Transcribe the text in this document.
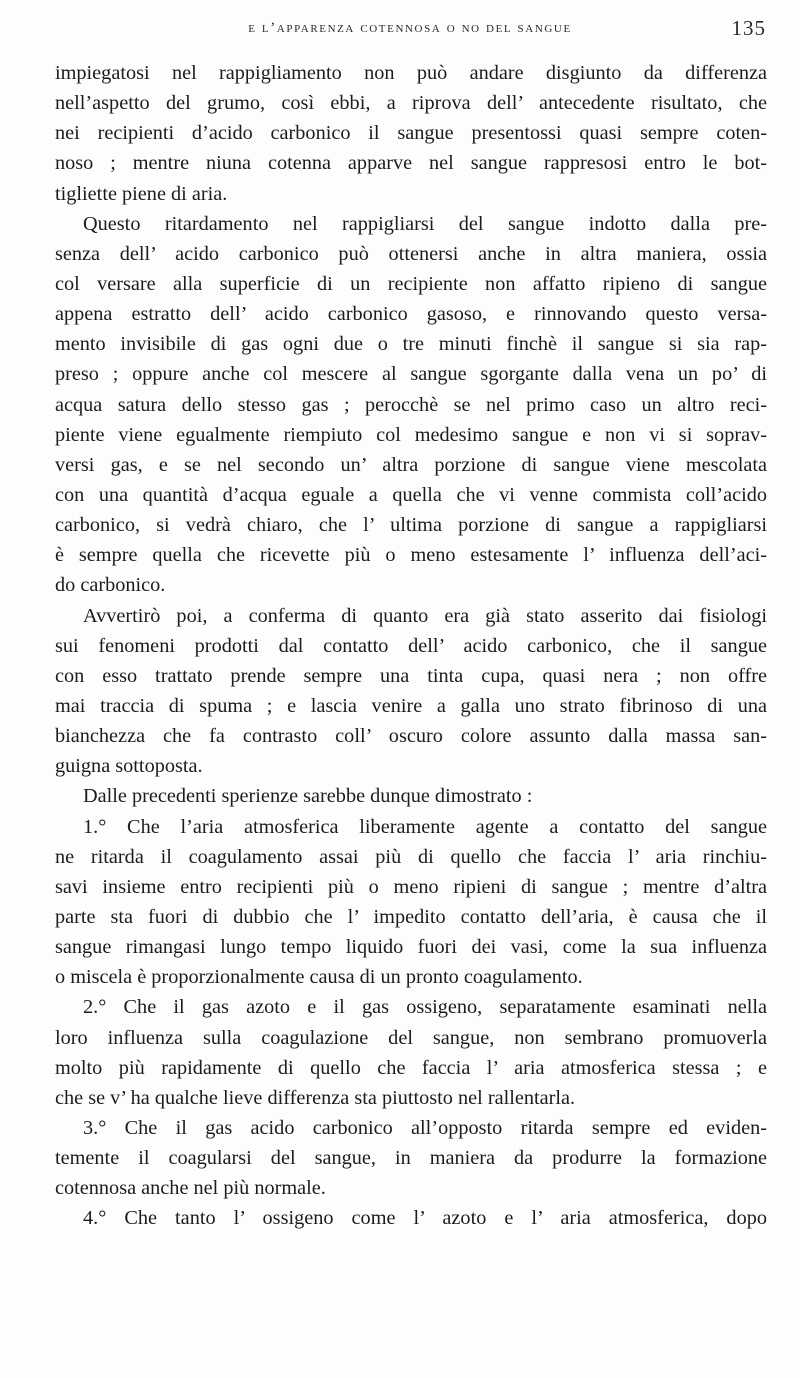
e l’apparenza cotennosa o no del sangue	135
impiegatosi nel rappigliamento non può andare disgiunto da differenza
nell’aspetto del grumo, così ebbi, a riprova dell’ antecedente risultato, che
nei recipienti d’acido carbonico il sangue presentossi quasi sempre coten-
noso ; mentre niuna cotenna apparve nel sangue rappresosi entro le bot-
tigliette piene di aria.
Questo ritardamento nel rappigliarsi del sangue indotto dalla pre-
senza dell’ acido carbonico può ottenersi anche in altra maniera, ossia
col versare alla superficie di un recipiente non affatto ripieno di sangue
appena estratto dell’ acido carbonico gasoso, e rinnovando questo versa-
mento invisibile di gas ogni due o tre minuti finchè il sangue si sia rap-
preso ; oppure anche col mescere al sangue sgorgante dalla vena un po’ di
acqua satura dello stesso gas ; perocchè se nel primo caso un altro reci-
piente viene egualmente riempiuto col medesimo sangue e non vi si soprav-
versi gas, e se nel secondo un’ altra porzione di sangue viene mescolata
con una quantità d’acqua eguale a quella che vi venne commista coll’acido
carbonico, si vedrà chiaro, che l’ ultima porzione di sangue a rappigliarsi
è sempre quella che ricevette più o meno estesamente l’ influenza dell’aci-
do carbonico.
Avvertirò poi, a conferma di quanto era già stato asserito dai fisiologi
sui fenomeni prodotti dal contatto dell’ acido carbonico, che il sangue
con esso trattato prende sempre una tinta cupa, quasi nera ; non offre
mai traccia di spuma ; e lascia venire a galla uno strato fibrinoso di una
bianchezza che fa contrasto coll’ oscuro colore assunto dalla massa san-
guigna sottoposta.
Dalle precedenti sperienze sarebbe dunque dimostrato :
1.° Che l’aria atmosferica liberamente agente a contatto del sangue
ne ritarda il coagulamento assai più di quello che faccia l’ aria rinchiu-
savi insieme entro recipienti più o meno ripieni di sangue ; mentre d’altra
parte sta fuori di dubbio che l’ impedito contatto dell’aria, è causa che il
sangue rimangasi lungo tempo liquido fuori dei vasi, come la sua influenza
o miscela è proporzionalmente causa di un pronto coagulamento.
2.° Che il gas azoto e il gas ossigeno, separatamente esaminati nella
loro influenza sulla coagulazione del sangue, non sembrano promuoverla
molto più rapidamente di quello che faccia l’ aria atmosferica stessa ; e
che se v’ ha qualche lieve differenza sta piuttosto nel rallentarla.
3.° Che il gas acido carbonico all’opposto ritarda sempre ed eviden-
temente il coagularsi del sangue, in maniera da produrre la formazione
cotennosa anche nel più normale.
4.° Che tanto l’ ossigeno come l’ azoto e l’ aria atmosferica, dopo
